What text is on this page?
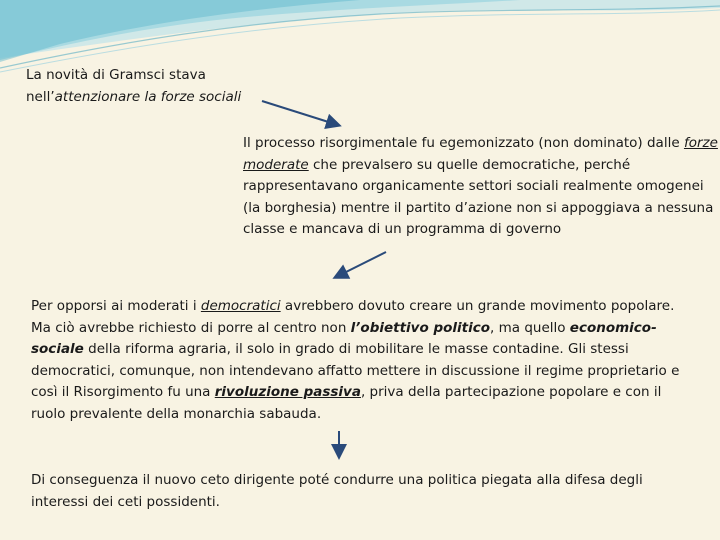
La novità di Gramsci stava
nell’attenzionare la forze sociali
Il processo risorgimentale fu egemonizzato (non dominato) dalle forze moderate che prevalsero su quelle democratiche, perché rappresentavano organicamente settori sociali realmente omogenei (la borghesia) mentre il partito d’azione non si appoggiava a nessuna classe e mancava di un programma di governo
Per opporsi ai moderati i democratici avrebbero dovuto creare un grande movimento popolare. Ma ciò avrebbe richiesto di porre al centro non l’obiettivo politico, ma quello economico-sociale della riforma agraria, il solo in grado di mobilitare le masse contadine. Gli stessi democratici, comunque, non intendevano affatto mettere in discussione il regime proprietario e così il Risorgimento fu una rivoluzione passiva, priva della partecipazione popolare e con il ruolo prevalente della monarchia sabauda.
Di conseguenza il nuovo ceto dirigente poté condurre una politica piegata alla difesa degli interessi dei ceti possidenti.
